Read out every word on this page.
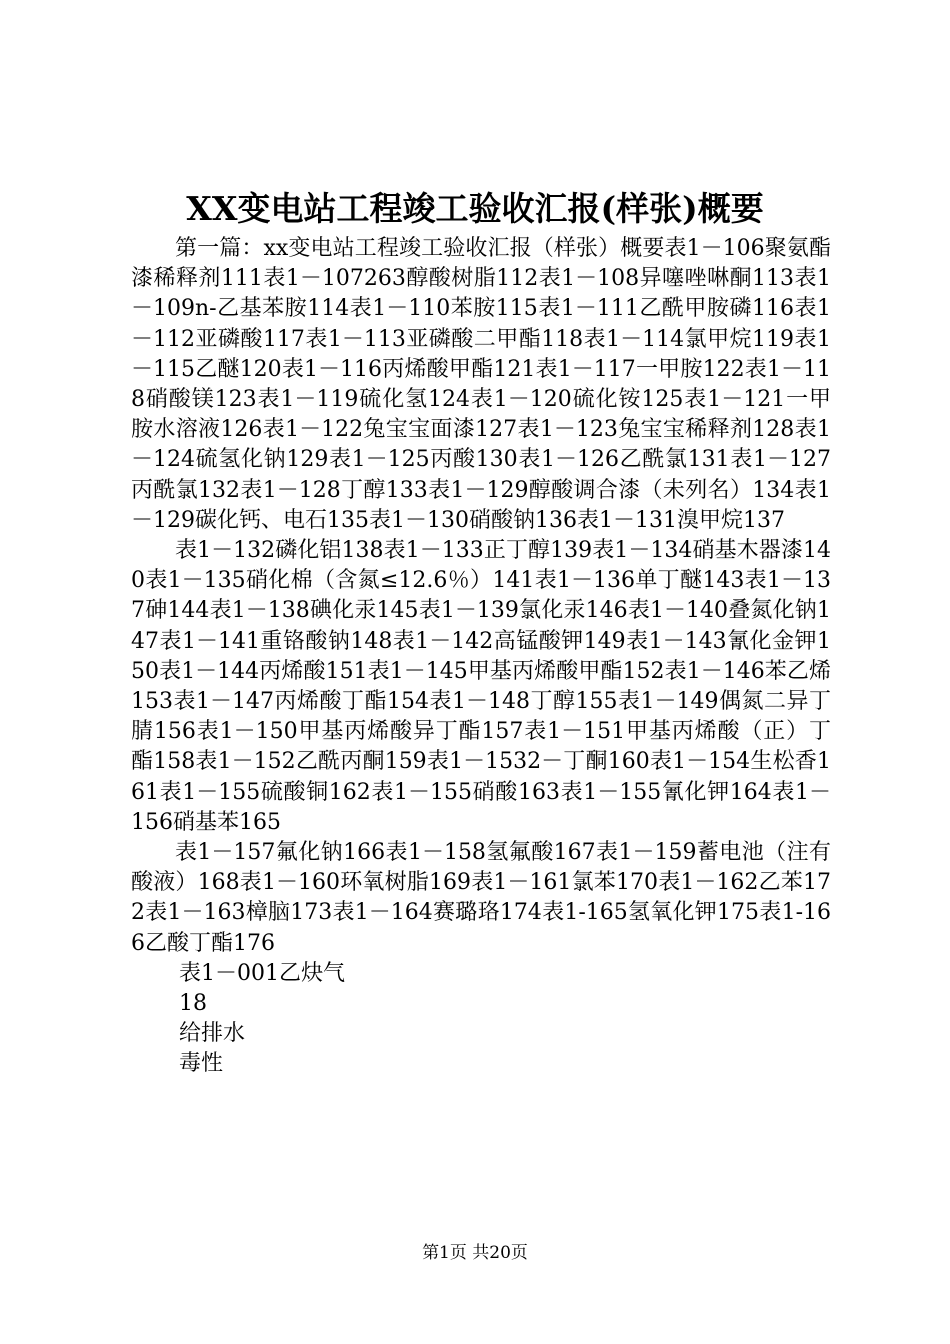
XX变电站工程竣工验收汇报(样张)概要

第一篇：xx变电站工程竣工验收汇报（样张）概要表1－106聚氨酯漆稀释剂111表1－107263醇酸树脂112表1－108异噻唑啉酮113表1－109n-乙基苯胺114表1－110苯胺115表1－111乙酰甲胺磷116表1－112亚磷酸117表1－113亚磷酸二甲酯118表1－114氯甲烷119表1－115乙醚120表1－116丙烯酸甲酯121表1－117一甲胺122表1－118硝酸镁123表1－119硫化氢124表1－120硫化铵125表1－121一甲胺水溶液126表1－122兔宝宝面漆127表1－123兔宝宝稀释剂128表1－124硫氢化钠129表1－125丙酸130表1－126乙酰氯131表1－127丙酰氯132表1－128丁醇133表1－129醇酸调合漆（未列名）134表1－129碳化钙、电石135表1－130硝酸钠136表1－131溴甲烷137

表1－132磷化铝138表1－133正丁醇139表1－134硝基木器漆140表1－135硝化棉（含氮≤12.6％）141表1－136单丁醚143表1－137砷144表1－138碘化汞145表1－139氯化汞146表1－140叠氮化钠147表1－141重铬酸钠148表1－142高锰酸钾149表1－143氰化金钾150表1－144丙烯酸151表1－145甲基丙烯酸甲酯152表1－146苯乙烯153表1－147丙烯酸丁酯154表1－148丁醇155表1－149偶氮二异丁腈156表1－150甲基丙烯酸异丁酯157表1－151甲基丙烯酸（正）丁酯158表1－152乙酰丙酮159表1－1532－丁酮160表1－154生松香161表1－155硫酸铜162表1－155硝酸163表1－155氰化钾164表1－156硝基苯165

表1－157氟化钠166表1－158氢氟酸167表1－159蓄电池（注有酸液）168表1－160环氧树脂169表1－161氯苯170表1－162乙苯172表1－163樟脑173表1－164赛璐珞174表1-165氢氧化钾175表1-166乙酸丁酯176

表1－001乙炔气

18

给排水

毒性

第1页 共20页
